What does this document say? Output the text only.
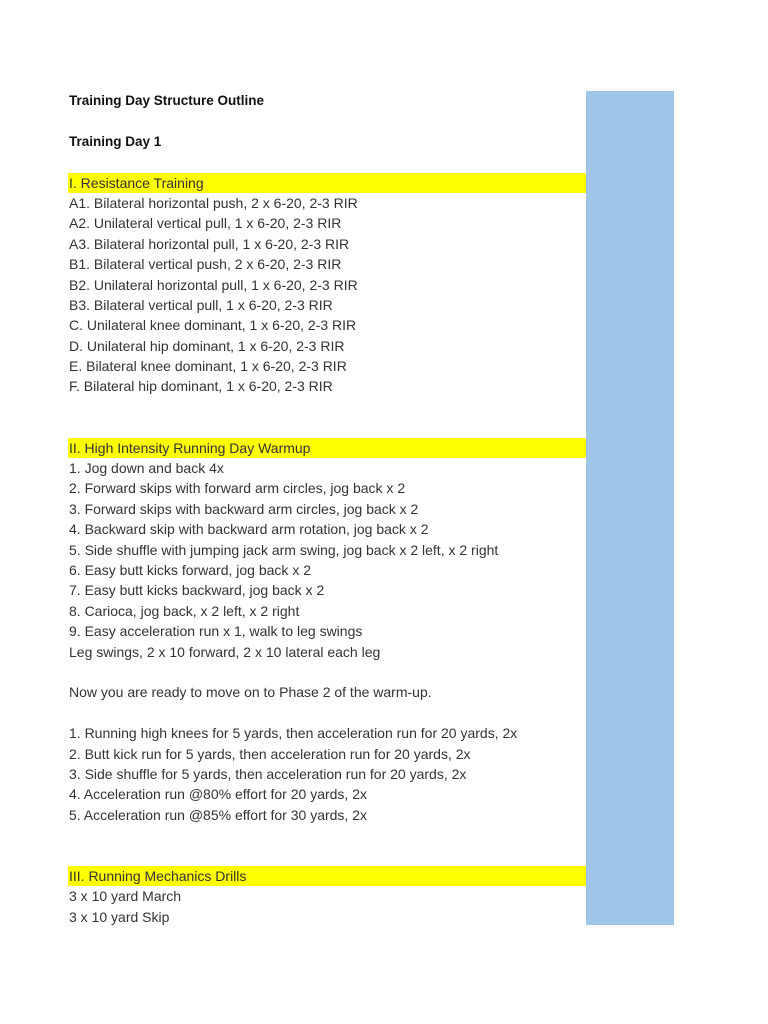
Training Day Structure Outline
Training Day 1
I. Resistance Training
A1. Bilateral horizontal push, 2 x 6-20, 2-3 RIR
A2. Unilateral vertical pull, 1 x 6-20, 2-3 RIR
A3. Bilateral horizontal pull, 1 x 6-20, 2-3 RIR
B1. Bilateral vertical push, 2 x 6-20, 2-3 RIR
B2. Unilateral horizontal pull, 1 x 6-20, 2-3 RIR
B3. Bilateral vertical pull, 1 x 6-20, 2-3 RIR
C. Unilateral knee dominant, 1 x 6-20, 2-3 RIR
D. Unilateral hip dominant, 1 x 6-20, 2-3 RIR
E. Bilateral knee dominant, 1 x 6-20, 2-3 RIR
F. Bilateral hip dominant, 1 x 6-20, 2-3 RIR
II. High Intensity Running Day Warmup
1. Jog down and back 4x
2. Forward skips with forward arm circles, jog back x 2
3. Forward skips with backward arm circles, jog back x 2
4. Backward skip with backward arm rotation, jog back x 2
5. Side shuffle with jumping jack arm swing, jog back x 2 left, x 2 right
6. Easy butt kicks forward, jog back x 2
7. Easy butt kicks backward, jog back x 2
8. Carioca, jog back, x 2 left, x 2 right
9. Easy acceleration run x 1, walk to leg swings
Leg swings, 2 x 10 forward, 2 x 10 lateral each leg
Now you are ready to move on to Phase 2 of the warm-up.
1. Running high knees for 5 yards, then acceleration run for 20 yards, 2x
2. Butt kick run for 5 yards, then acceleration run for 20 yards, 2x
3. Side shuffle for 5 yards, then acceleration run for 20 yards, 2x
4. Acceleration run @80% effort for 20 yards, 2x
5. Acceleration run @85% effort for 30 yards, 2x
III. Running Mechanics Drills
3 x 10 yard March
3 x 10 yard Skip
